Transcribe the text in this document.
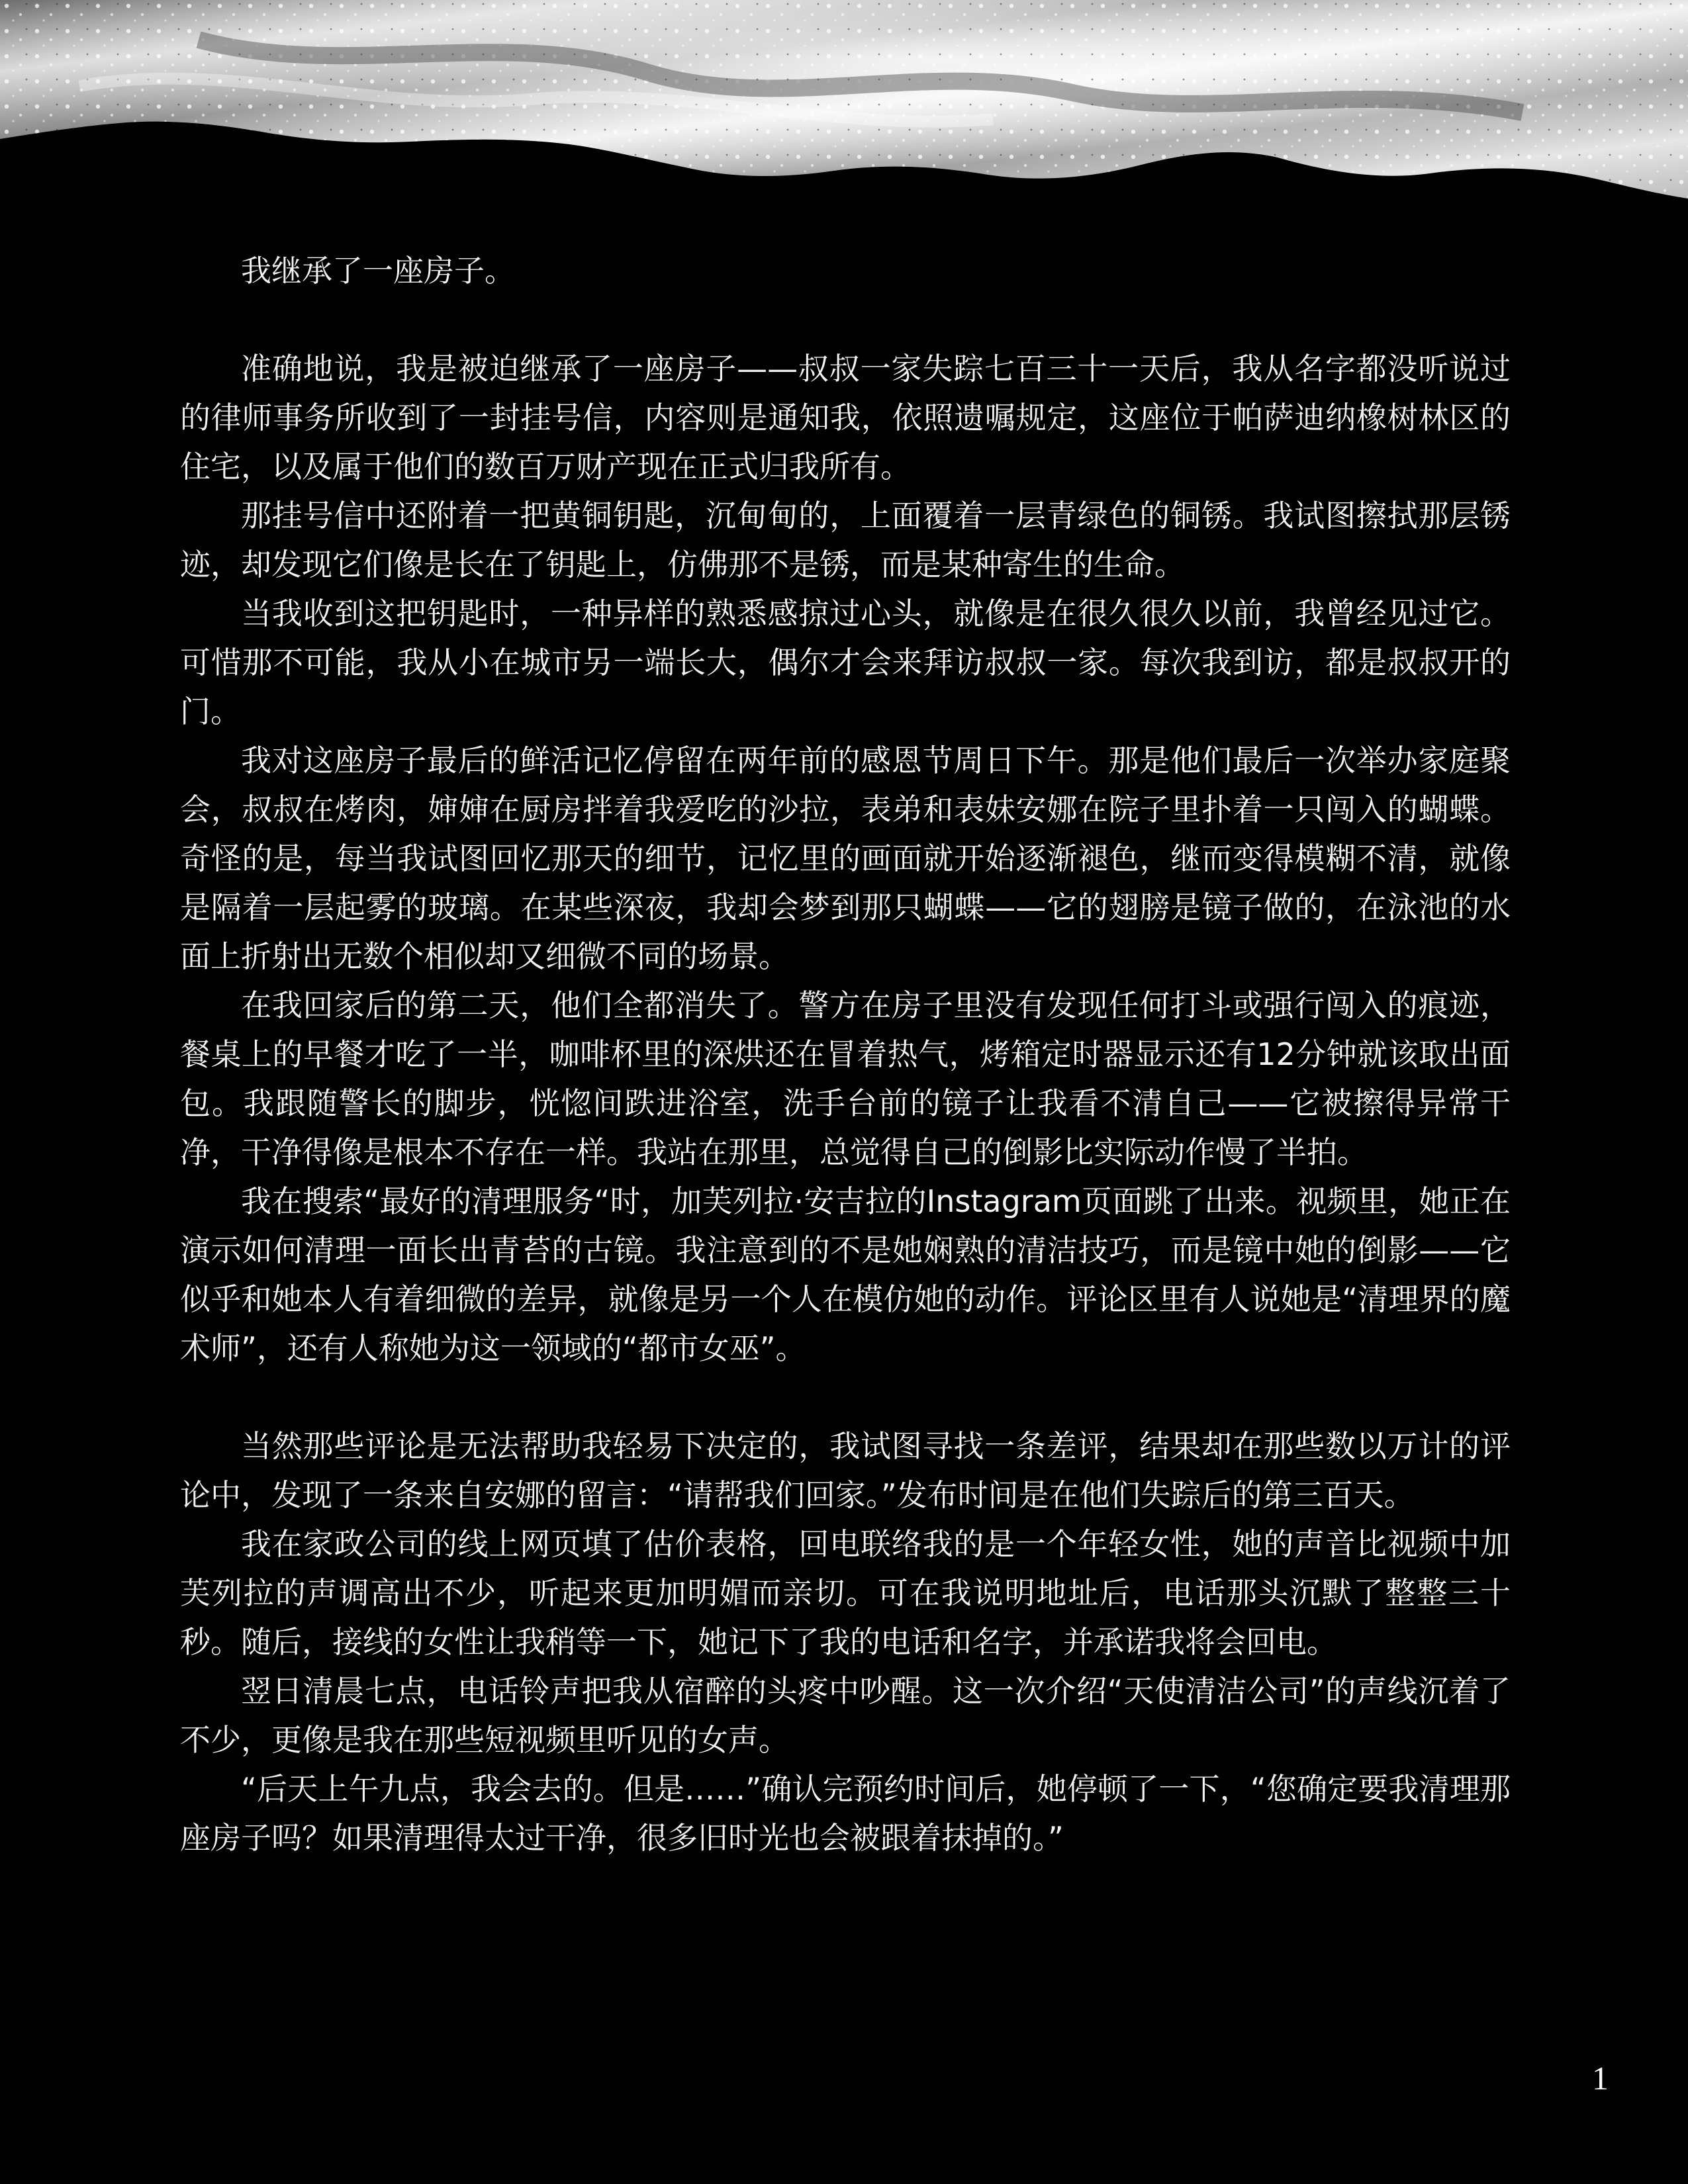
我继承了一座房子。

准确地说，我是被迫继承了一座房子——叔叔一家失踪七百三十一天后，我从名字都没听说过的律师事务所收到了一封挂号信，内容则是通知我，依照遗嘱规定，这座位于帕萨迪纳橡树林区的住宅，以及属于他们的数百万财产现在正式归我所有。

那挂号信中还附着一把黄铜钥匙，沉甸甸的，上面覆着一层青绿色的铜锈。我试图擦拭那层锈迹，却发现它们像是长在了钥匙上，仿佛那不是锈，而是某种寄生的生命。

当我收到这把钥匙时，一种异样的熟悉感掠过心头，就像是在很久很久以前，我曾经见过它。可惜那不可能，我从小在城市另一端长大，偶尔才会来拜访叔叔一家。每次我到访，都是叔叔开的门。

我对这座房子最后的鲜活记忆停留在两年前的感恩节周日下午。那是他们最后一次举办家庭聚会，叔叔在烤肉，婶婶在厨房拌着我爱吃的沙拉，表弟和表妹安娜在院子里扑着一只闯入的蝴蝶。奇怪的是，每当我试图回忆那天的细节，记忆里的画面就开始逐渐褪色，继而变得模糊不清，就像是隔着一层起雾的玻璃。在某些深夜，我却会梦到那只蝴蝶——它的翅膀是镜子做的，在泳池的水面上折射出无数个相似却又细微不同的场景。

在我回家后的第二天，他们全都消失了。警方在房子里没有发现任何打斗或强行闯入的痕迹，餐桌上的早餐才吃了一半，咖啡杯里的深烘还在冒着热气，烤箱定时器显示还有12分钟就该取出面包。我跟随警长的脚步，恍惚间跌进浴室，洗手台前的镜子让我看不清自己——它被擦得异常干净，干净得像是根本不存在一样。我站在那里，总觉得自己的倒影比实际动作慢了半拍。

我在搜索“最好的清理服务“时，加芙列拉·安吉拉的Instagram页面跳了出来。视频里，她正在演示如何清理一面长出青苔的古镜。我注意到的不是她娴熟的清洁技巧，而是镜中她的倒影——它似乎和她本人有着细微的差异，就像是另一个人在模仿她的动作。评论区里有人说她是“清理界的魔术师”，还有人称她为这一领域的“都市女巫”。

当然那些评论是无法帮助我轻易下决定的，我试图寻找一条差评，结果却在那些数以万计的评论中，发现了一条来自安娜的留言：“请帮我们回家。”发布时间是在他们失踪后的第三百天。

我在家政公司的线上网页填了估价表格，回电联络我的是一个年轻女性，她的声音比视频中加芙列拉的声调高出不少，听起来更加明媚而亲切。可在我说明地址后，电话那头沉默了整整三十秒。随后，接线的女性让我稍等一下，她记下了我的电话和名字，并承诺我将会回电。

翌日清晨七点，电话铃声把我从宿醉的头疼中吵醒。这一次介绍“天使清洁公司”的声线沉着了不少，更像是我在那些短视频里听见的女声。

“后天上午九点，我会去的。但是……”确认完预约时间后，她停顿了一下，“您确定要我清理那座房子吗？如果清理得太过干净，很多旧时光也会被跟着抹掉的。”

1
